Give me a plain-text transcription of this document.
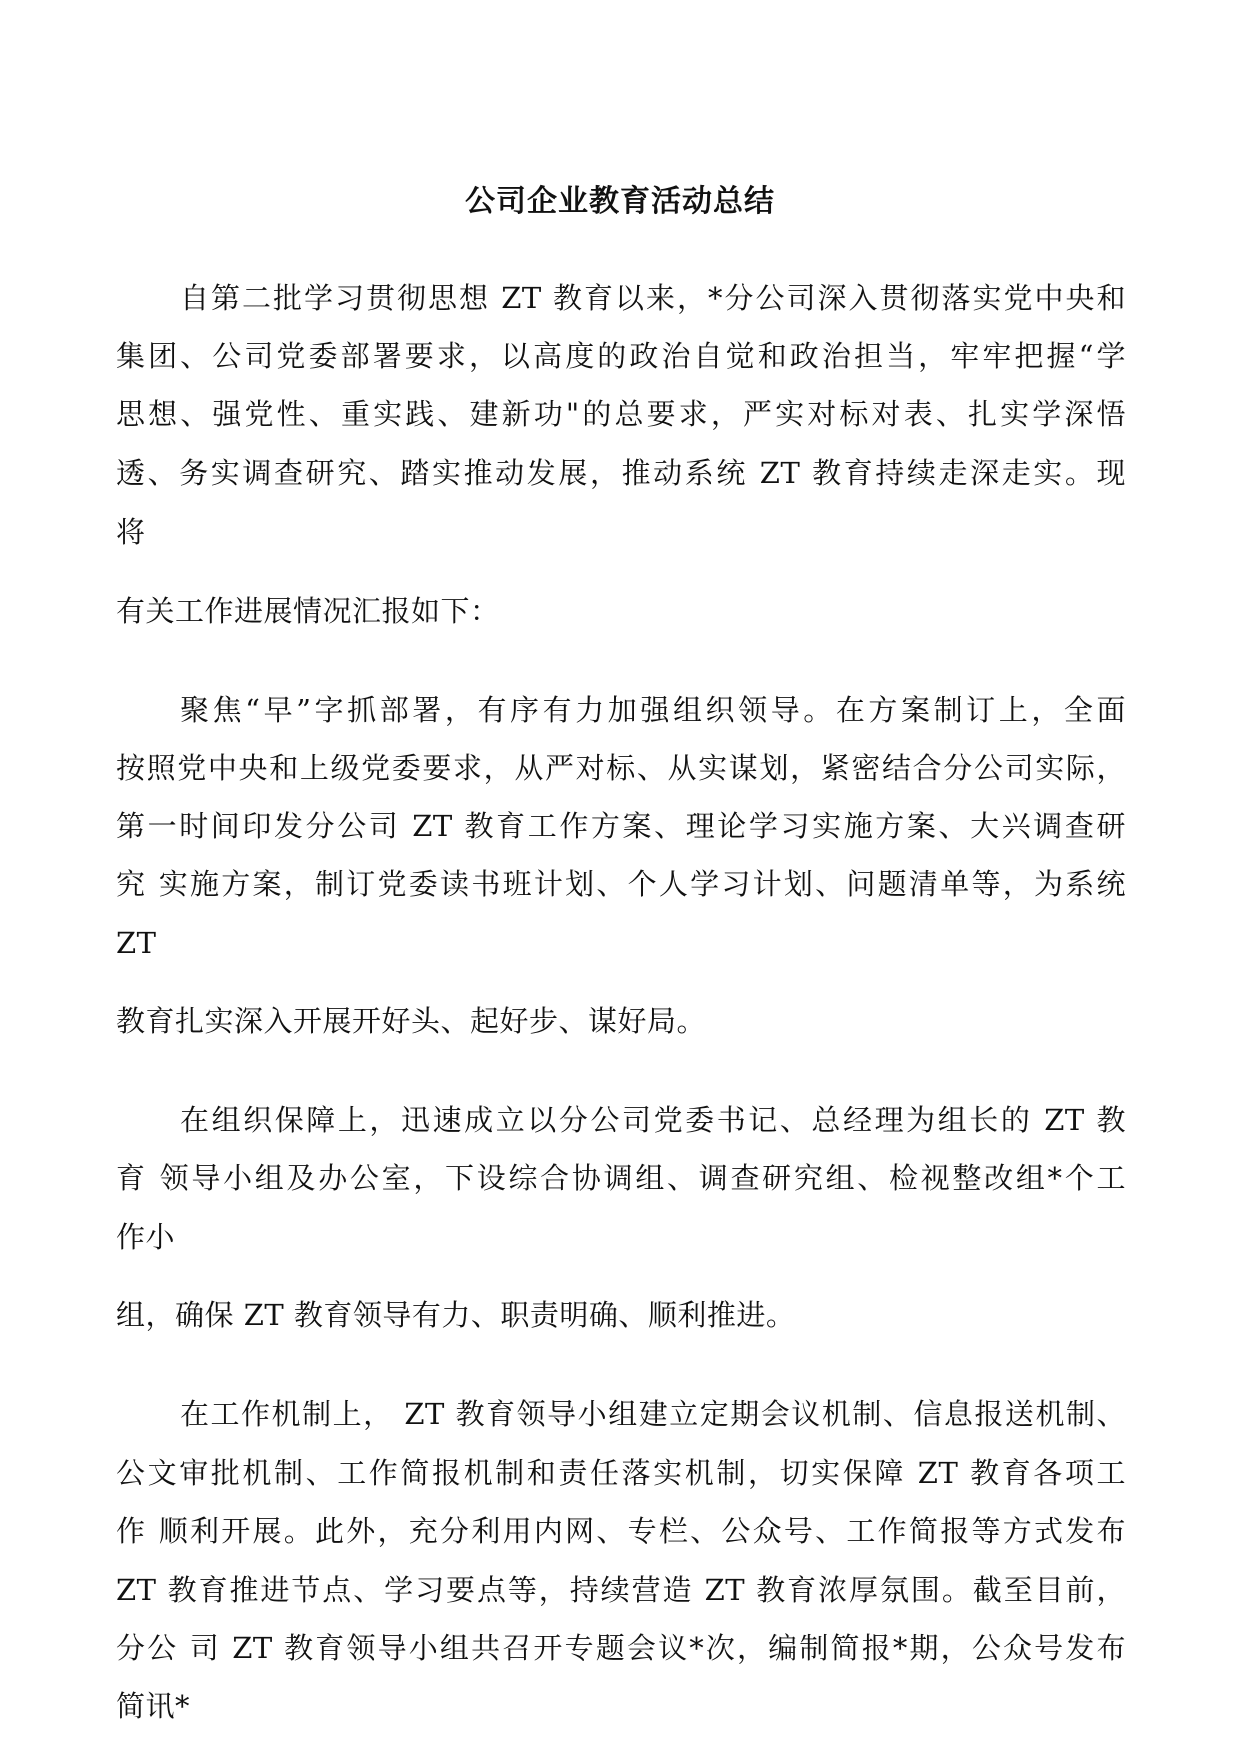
公司企业教育活动总结
自第二批学习贯彻思想 ZT 教育以来，*分公司深入贯彻落实党中央和
集团、公司党委部署要求，以高度的政治自觉和政治担当，牢牢把握“学
思想、强党性、重实践、建新功"的总要求，严实对标对表、扎实学深悟
透、务实调查研究、踏实推动发展，推动系统 ZT 教育持续走深走实。现
将
有关工作进展情况汇报如下：
聚焦“早”字抓部署，有序有力加强组织领导。在方案制订上，全面
按照党中央和上级党委要求，从严对标、从实谋划，紧密结合分公司实际，
第一时间印发分公司 ZT 教育工作方案、理论学习实施方案、大兴调查研
究 实施方案，制订党委读书班计划、个人学习计划、问题清单等，为系统
ZT
教育扎实深入开展开好头、起好步、谋好局。
在组织保障上，迅速成立以分公司党委书记、总经理为组长的 ZT 教
育 领导小组及办公室，下设综合协调组、调查研究组、检视整改组*个工
作小
组，确保 ZT 教育领导有力、职责明确、顺利推进。
在工作机制上， ZT 教育领导小组建立定期会议机制、信息报送机制、
公文审批机制、工作简报机制和责任落实机制，切实保障 ZT 教育各项工
作 顺利开展。此外，充分利用内网、专栏、公众号、工作简报等方式发布
ZT 教育推进节点、学习要点等，持续营造 ZT 教育浓厚氛围。截至目前，
分公 司 ZT 教育领导小组共召开专题会议*次，编制简报*期，公众号发布
简讯*
